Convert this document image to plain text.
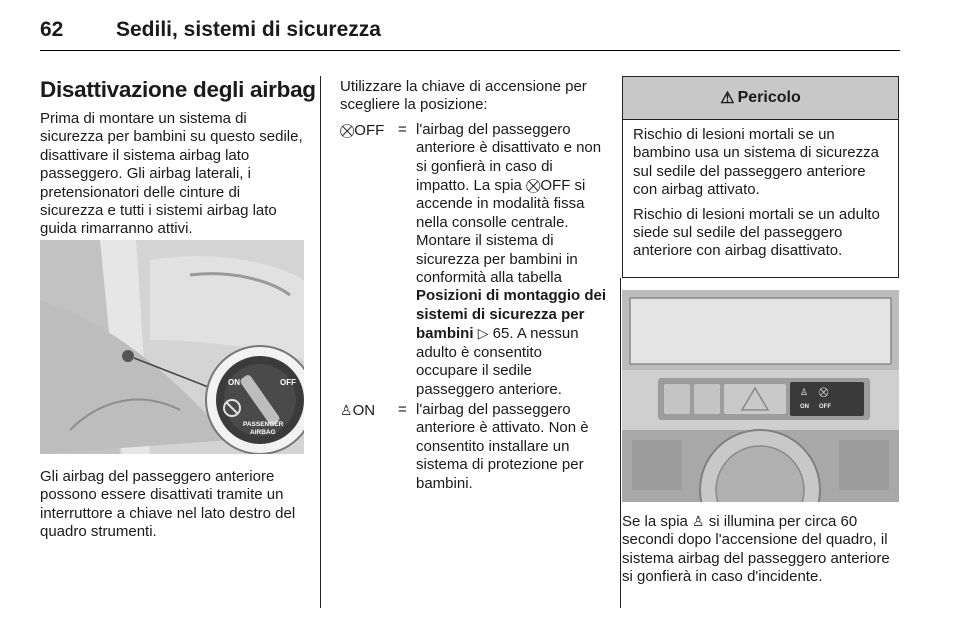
62	Sedili, sistemi di sicurezza
Disattivazione degli airbag

Prima di montare un sistema di sicurezza per bambini su questo sedile, disattivare il sistema airbag lato passeggero. Gli airbag laterali, i pretensionatori delle cinture di sicurezza e tutti i sistemi airbag lato guida rimarranno attivi.

ON	OFF
PASSENGER
AIRBAG

Gli airbag del passeggero anteriore possono essere disattivati tramite un interruttore a chiave nel lato destro del quadro strumenti.

Utilizzare la chiave di accensione per scegliere la posizione:

⛒OFF = l'airbag del passeggero anteriore è disattivato e non si gonfierà in caso di impatto. La spia ⛒OFF si accende in modalità fissa nella consolle centrale. Montare il sistema di sicurezza per bambini in conformità alla tabella Posizioni di montaggio dei sistemi di sicurezza per bambini ▷ 65. A nessun adulto è consentito occupare il sedile passeggero anteriore.
♙ON	= l'airbag del passeggero anteriore è attivato. Non è consentito installare un sistema di protezione per bambini.
⚠ Pericolo

Rischio di lesioni mortali se un bambino usa un sistema di sicurezza sul sedile del passeggero anteriore con airbag attivato.

Rischio di lesioni mortali se un adulto siede sul sedile del passeggero anteriore con airbag disattivato.

♙ ⛒
ON OFF

Se la spia ♙ si illumina per circa 60 secondi dopo l'accensione del quadro, il sistema airbag del passeggero anteriore si gonfierà in caso d'incidente.
